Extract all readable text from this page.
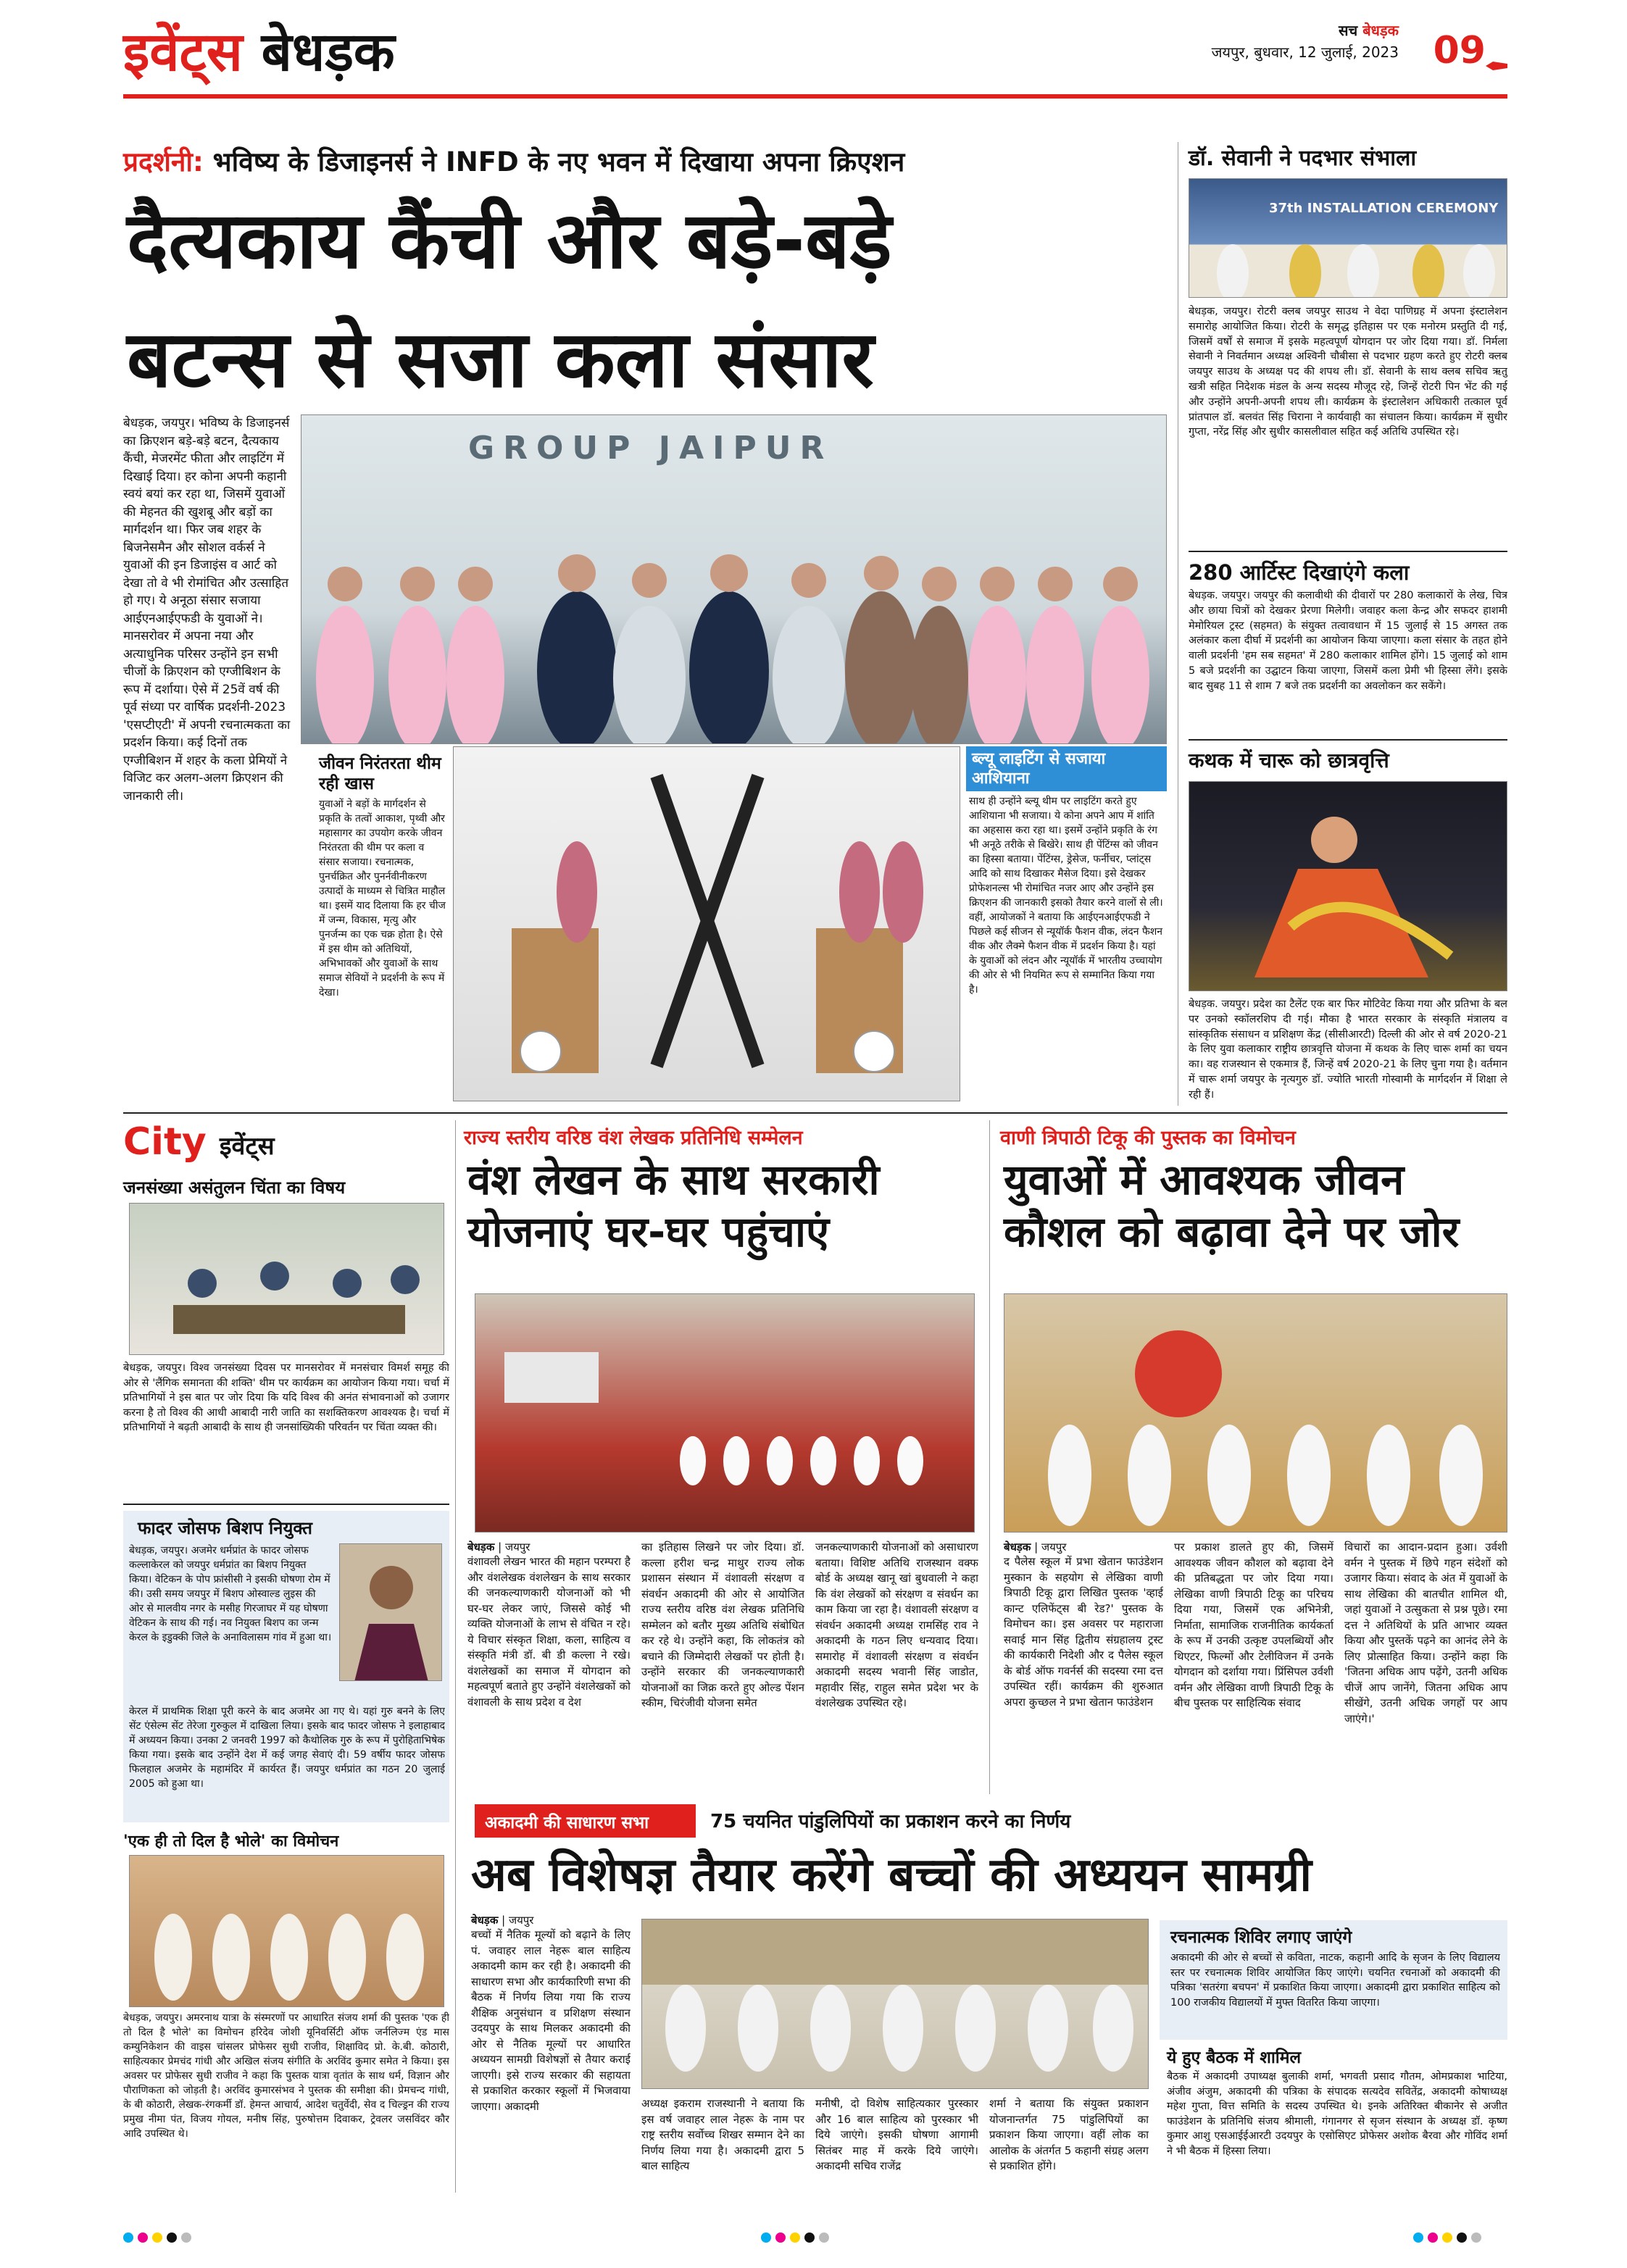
इवेंट्स बेधड़क	सच बेधड़क
जयपुर, बुधवार, 12 जुलाई, 2023 09
प्रदर्शनी: भविष्य के डिजाइनर्स ने INFD के नए भवन में दिखाया अपना क्रिएशन
दैत्यकाय कैंची और बड़े-बड़े
बटन्स से सजा कला संसार
बेधड़क, जयपुर। भविष्य के डिजाइनर्स का क्रिएशन बड़े-बड़े बटन, दैत्यकाय कैंची, मेजरमेंट फीता और लाइटिंग में दिखाई दिया। हर कोना अपनी कहानी स्वयं बयां कर रहा था, जिसमें युवाओं की मेहनत की खुशबू और बड़ों का मार्गदर्शन था। फिर जब शहर के बिजनेसमैन और सोशल वर्कर्स ने युवाओं की इन डिजाइंस व आर्ट को देखा तो वे भी रोमांचित और उत्साहित हो गए। ये अनूठा संसार सजाया आईएनआईएफडी के युवाओं ने। मानसरोवर में अपना नया और अत्याधुनिक परिसर उन्होंने इन सभी चीजों के क्रिएशन को एग्जीबिशन के रूप में दर्शाया। ऐसे में 25वें वर्ष की पूर्व संध्या पर वार्षिक प्रदर्शनी-2023 'एसप्टीएटी' में अपनी रचनात्मकता का प्रदर्शन किया। कई दिनों तक एग्जीबिशन में शहर के कला प्रेमियों ने विजिट कर अलग-अलग क्रिएशन की जानकारी ली।
GROUP JAIPUR
जीवन निरंतरता थीम रही खास
युवाओं ने बड़ों के मार्गदर्शन से प्रकृति के तत्वों आकाश, पृथ्वी और महासागर का उपयोग करके जीवन निरंतरता की थीम पर कला व संसार सजाया। रचनात्मक, पुनर्चक्रित और पुनर्नवीनीकरण उत्पादों के माध्यम से चित्रित माहौल था। इसमें याद दिलाया कि हर चीज में जन्म, विकास, मृत्यु और पुनर्जन्म का एक चक्र होता है। ऐसे में इस थीम को अतिथियों, अभिभावकों और युवाओं के साथ समाज सेवियों ने प्रदर्शनी के रूप में देखा।
ब्ल्यू लाइटिंग से सजाया आशियाना
साथ ही उन्होंने ब्ल्यू थीम पर लाइटिंग करते हुए आशियाना भी सजाया। ये कोना अपने आप में शांति का अहसास करा रहा था। इसमें उन्होंने प्रकृति के रंग भी अनूठे तरीके से बिखेरे। साथ ही पेंटिंग्स को जीवन का हिस्सा बताया। पेंटिंग्स, ड्रेसेज, फर्नीचर, प्लांट्स आदि को साथ दिखाकर मैसेज दिया। इसे देखकर प्रोफेशनल्स भी रोमांचित नजर आए और उन्होंने इस क्रिएशन की जानकारी इसको तैयार करने वालों से ली। वहीं, आयोजकों ने बताया कि आईएनआईएफडी ने पिछले कई सीजन से न्यूयॉर्क फैशन वीक, लंदन फैशन वीक और लैक्मे फैशन वीक में प्रदर्शन किया है। यहां के युवाओं को लंदन और न्यूयॉर्क में भारतीय उच्चायोग की ओर से भी नियमित रूप से सम्मानित किया गया है।
डॉ. सेवानी ने पदभार संभाला
37th INSTALLATION CEREMONY
बेधड़क, जयपुर। रोटरी क्लब जयपुर साउथ ने वेदा पाणिग्रह में अपना इंस्टालेशन समारोह आयोजित किया। रोटरी के समृद्ध इतिहास पर एक मनोरम प्रस्तुति दी गई, जिसमें वर्षों से समाज में इसके महत्वपूर्ण योगदान पर जोर दिया गया। डॉ. निर्मला सेवानी ने निवर्तमान अध्यक्ष अश्विनी चौबीसा से पदभार ग्रहण करते हुए रोटरी क्लब जयपुर साउथ के अध्यक्ष पद की शपथ ली। डॉ. सेवानी के साथ क्लब सचिव ऋतु खत्री सहित निदेशक मंडल के अन्य सदस्य मौजूद रहे, जिन्हें रोटरी पिन भेंट की गई और उन्होंने अपनी-अपनी शपथ ली। कार्यक्रम के इंस्टालेशन अधिकारी तत्काल पूर्व प्रांतपाल डॉ. बलवंत सिंह चिराना ने कार्यवाही का संचालन किया। कार्यक्रम में सुधीर गुप्ता, नरेंद्र सिंह और सुधीर कासलीवाल सहित कई अतिथि उपस्थित रहे।
280 आर्टिस्ट दिखाएंगे कला
बेधड़क. जयपुर। जयपुर की कलावीथी की दीवारों पर 280 कलाकारों के लेख, चित्र और छाया चित्रों को देखकर प्रेरणा मिलेगी। जवाहर कला केन्द्र और सफदर हाशमी मेमोरियल ट्रस्ट (सहमत) के संयुक्त तत्वावधान में 15 जुलाई से 15 अगस्त तक अलंकार कला दीर्घा में प्रदर्शनी का आयोजन किया जाएगा। कला संसार के तहत होने वाली प्रदर्शनी 'हम सब सहमत' में 280 कलाकार शामिल होंगे। 15 जुलाई को शाम 5 बजे प्रदर्शनी का उद्घाटन किया जाएगा, जिसमें कला प्रेमी भी हिस्सा लेंगे। इसके बाद सुबह 11 से शाम 7 बजे तक प्रदर्शनी का अवलोकन कर सकेंगे।
कथक में चारू को छात्रवृत्ति
बेधड़क. जयपुर। प्रदेश का टैलेंट एक बार फिर मोटिवेट किया गया और प्रतिभा के बल पर उनको स्कॉलरशिप दी गई। मौका है भारत सरकार के संस्कृति मंत्रालय व सांस्कृतिक संसाधन व प्रशिक्षण केंद्र (सीसीआरटी) दिल्ली की ओर से वर्ष 2020-21 के लिए युवा कलाकार राष्ट्रीय छात्रवृत्ति योजना में कथक के लिए चारू शर्मा का चयन का। वह राजस्थान से एकमात्र हैं, जिन्हें वर्ष 2020-21 के लिए चुना गया है। वर्तमान में चारू शर्मा जयपुर के नृत्यगुरु डॉ. ज्योति भारती गोस्वामी के मार्गदर्शन में शिक्षा ले रही हैं।
City इवेंट्स
जनसंख्या असंतुलन चिंता का विषय
बेधड़क, जयपुर। विश्व जनसंख्या दिवस पर मानसरोवर में मनसंचार विमर्श समूह की ओर से 'लैंगिक समानता की शक्ति' थीम पर कार्यक्रम का आयोजन किया गया। चर्चा में प्रतिभागियों ने इस बात पर जोर दिया कि यदि विश्व की अनंत संभावनाओं को उजागर करना है तो विश्व की आधी आबादी नारी जाति का सशक्तिकरण आवश्यक है। चर्चा में प्रतिभागियों ने बढ़ती आबादी के साथ ही जनसांख्यिकी परिवर्तन पर चिंता व्यक्त की।
फादर जोसफ बिशप नियुक्त
बेधड़क, जयपुर। अजमेर धर्मप्रांत के फादर जोसफ कल्लाकेरल को जयपुर धर्मप्रांत का बिशप नियुक्त किया। वेटिकन के पोप फ्रांसीसी ने इसकी घोषणा रोम में की। उसी समय जयपुर में बिशप ओस्वाल्ड लुइस की ओर से मालवीय नगर के मसीह गिरजाघर में यह घोषणा वेटिकन के साथ की गई। नव नियुक्त बिशप का जन्म केरल के इडुक्की जिले के अनाविलासम गांव में हुआ था।
केरल में प्राथमिक शिक्षा पूरी करने के बाद अजमेर आ गए थे। यहां गुरु बनने के लिए सेंट एंसेल्म सेंट तेरेजा गुरुकुल में दाखिला लिया। इसके बाद फादर जोसफ ने इलाहाबाद में अध्ययन किया। उनका 2 जनवरी 1997 को कैथोलिक गुरु के रूप में पुरोहिताभिषेक किया गया। इसके बाद उन्होंने देश में कई जगह सेवाएं दी। 59 वर्षीय फादर जोसफ फिलहाल अजमेर के महामंदिर में कार्यरत हैं। जयपुर धर्मप्रांत का गठन 20 जुलाई 2005 को हुआ था।
'एक ही तो दिल है भोले' का विमोचन
बेधड़क, जयपुर। अमरनाथ यात्रा के संस्मरणों पर आधारित संजय शर्मा की पुस्तक 'एक ही तो दिल है भोले' का विमोचन हरिदेव जोशी यूनिवर्सिटी ऑफ जर्नलिज्म एंड मास कम्युनिकेशन की वाइस चांसलर प्रोफेसर सुधी राजीव, शिक्षाविद प्रो. के.बी. कोठारी, साहित्यकार प्रेमचंद गांधी और अखिल संजय संगीति के अरविंद कुमार समेत ने किया। इस अवसर पर प्रोफेसर सुधी राजीव ने कहा कि पुस्तक यात्रा वृतांत के साथ धर्म, विज्ञान और पौराणिकता को जोड़ती है। अरविंद कुमारसंभव ने पुस्तक की समीक्षा की। प्रेमचन्द गांधी, के बी कोठारी, लेखक-रंगकर्मी डॉ. हेमन्त आचार्य, आदेश चतुर्वेदी, सेव द चिल्ड्रन की राज्य प्रमुख नीमा पंत, विजय गोयल, मनीष सिंह, पुरुषोत्तम दिवाकर, ट्रेवलर जसविंदर कौर आदि उपस्थित थे।
राज्य स्तरीय वरिष्ठ वंश लेखक प्रतिनिधि सम्मेलन
वंश लेखन के साथ सरकारी योजनाएं घर-घर पहुंचाएं
बेधड़क | जयपुर
वंशावली लेखन भारत की महान परम्परा है और वंशलेखक वंशलेखन के साथ सरकार की जनकल्याणकारी योजनाओं को भी घर-घर लेकर जाएं, जिससे कोई भी व्यक्ति योजनाओं के लाभ से वंचित न रहे। ये विचार संस्कृत शिक्षा, कला, साहित्य व संस्कृति मंत्री डॉ. बी डी कल्ला ने रखे। वंशलेखकों का समाज में योगदान को महत्वपूर्ण बताते हुए उन्होंने वंशलेखकों को वंशावली के साथ प्रदेश व देश
का इतिहास लिखने पर जोर दिया। डॉ. कल्ला हरीश चन्द्र माथुर राज्य लोक प्रशासन संस्थान में वंशावली संरक्षण व संवर्धन अकादमी की ओर से आयोजित राज्य स्तरीय वरिष्ठ वंश लेखक प्रतिनिधि सम्मेलन को बतौर मुख्य अतिथि संबोधित कर रहे थे। उन्होंने कहा, कि लोकतंत्र को बचाने की जिम्मेदारी लेखकों पर होती है। उन्होंने सरकार की जनकल्याणकारी योजनाओं का जिक्र करते हुए ओल्ड पेंशन स्कीम, चिरंजीवी योजना समेत
जनकल्याणकारी योजनाओं को असाधारण बताया। विशिष्ट अतिथि राजस्थान वक्फ बोर्ड के अध्यक्ष खानू खां बुधवाली ने कहा कि वंश लेखकों को संरक्षण व संवर्धन का काम किया जा रहा है। वंशावली संरक्षण व संवर्धन अकादमी अध्यक्ष रामसिंह राव ने अकादमी के गठन लिए धन्यवाद दिया। समारोह में वंशावली संरक्षण व संवर्धन अकादमी सदस्य भवानी सिंह जाडोत, महावीर सिंह, राहुल समेत प्रदेश भर के वंशलेखक उपस्थित रहे।
वाणी त्रिपाठी टिकू की पुस्तक का विमोचन
युवाओं में आवश्यक जीवन कौशल को बढ़ावा देने पर जोर
बेधड़क | जयपुर
द पैलेस स्कूल में प्रभा खेतान फाउंडेशन मुस्कान के सहयोग से लेखिका वाणी त्रिपाठी टिकू द्वारा लिखित पुस्तक 'व्हाई कान्ट एलिफेंट्स बी रेड?' पुस्तक के विमोचन का। इस अवसर पर महाराजा सवाई मान सिंह द्वितीय संग्रहालय ट्रस्ट की कार्यकारी निदेशी और द पैलेस स्कूल के बोर्ड ऑफ गवर्नर्स की सदस्या रमा दत्त उपस्थित रहीं। कार्यक्रम की शुरुआत अपरा कुच्छल ने प्रभा खेतान फाउंडेशन
पर प्रकाश डालते हुए की, जिसमें आवश्यक जीवन कौशल को बढ़ावा देने की प्रतिबद्धता पर जोर दिया गया। लेखिका वाणी त्रिपाठी टिकू का परिचय दिया गया, जिसमें एक अभिनेत्री, निर्माता, सामाजिक राजनीतिक कार्यकर्ता के रूप में उनकी उत्कृष्ट उपलब्धियों और थिएटर, फिल्मों और टेलीविजन में उनके योगदान को दर्शाया गया। प्रिंसिपल उर्वशी वर्मन और लेखिका वाणी त्रिपाठी टिकू के बीच पुस्तक पर साहित्यिक संवाद
विचारों का आदान-प्रदान हुआ। उर्वशी वर्मन ने पुस्तक में छिपे गहन संदेशों को उजागर किया। संवाद के अंत में युवाओं के साथ लेखिका की बातचीत शामिल थी, जहां युवाओं ने उत्सुकता से प्रश्न पूछे। रमा दत्त ने अतिथियों के प्रति आभार व्यक्त किया और पुस्तकें पढ़ने का आनंद लेने के लिए प्रोत्साहित किया। उन्होंने कहा कि 'जितना अधिक आप पढ़ेंगे, उतनी अधिक चीजें आप जानेंगे, जितना अधिक आप सीखेंगे, उतनी अधिक जगहों पर आप जाएंगे।'
अकादमी की साधारण सभा	75 चयनित पांडुलिपियों का प्रकाशन करने का निर्णय
अब विशेषज्ञ तैयार करेंगे बच्चों की अध्ययन सामग्री
बेधड़क | जयपुर
बच्चों में नैतिक मूल्यों को बढ़ाने के लिए पं. जवाहर लाल नेहरू बाल साहित्य अकादमी काम कर रही है। अकादमी की साधारण सभा और कार्यकारिणी सभा की बैठक में निर्णय लिया गया कि राज्य शैक्षिक अनुसंधान व प्रशिक्षण संस्थान उदयपुर के साथ मिलकर अकादमी की ओर से नैतिक मूल्यों पर आधारित अध्ययन सामग्री विशेषज्ञों से तैयार कराई जाएगी। इसे राज्य सरकार की सहायता से प्रकाशित करकार स्कूलों में भिजवाया जाएगा। अकादमी	अध्यक्ष इकराम राजस्थानी ने बताया कि इस वर्ष जवाहर लाल नेहरू के नाम पर राष्ट्र स्तरीय सर्वोच्च शिखर सम्मान देने का निर्णय लिया गया है। अकादमी द्वारा 5 बाल साहित्य
मनीषी, दो विशेष साहित्यकार पुरस्कार और 16 बाल साहित्य को पुरस्कार भी दिये जाएंगे। इसकी घोषणा आगामी सितंबर माह में करके दिये जाएंगे। अकादमी सचिव राजेंद्र
शर्मा ने बताया कि संयुक्त प्रकाशन योजनान्तर्गत 75 पांडुलिपियों का प्रकाशन किया जाएगा। वहीं लोक का आलोक के अंतर्गत 5 कहानी संग्रह अलग से प्रकाशित होंगे।
रचनात्मक शिविर लगाए जाएंगे
अकादमी की ओर से बच्चों से कविता, नाटक, कहानी आदि के सृजन के लिए विद्यालय स्तर पर रचनात्मक शिविर आयोजित किए जाएंगे। चयनित रचनाओं को अकादमी की पत्रिका 'सतरंगा बचपन' में प्रकाशित किया जाएगा। अकादमी द्वारा प्रकाशित साहित्य को 100 राजकीय विद्यालयों में मुफ्त वितरित किया जाएगा।
ये हुए बैठक में शामिल
बैठक में अकादमी उपाध्यक्ष बुलाकी शर्मा, भगवती प्रसाद गौतम, ओमप्रकाश भाटिया, अंजीव अंजुम, अकादमी की पत्रिका के संपादक सत्यदेव सवितेंद्र, अकादमी कोषाध्यक्ष महेश गुप्ता, वित्त समिति के सदस्य उपस्थित थे। इनके अतिरिक्त बीकानेर से अजीत फाउंडेशन के प्रतिनिधि संजय श्रीमाली, गंगानगर से सृजन संस्थान के अध्यक्ष डॉ. कृष्ण कुमार आशु एसआईईआरटी उदयपुर के एसोसिएट प्रोफेसर अशोक बैरवा और गोविंद शर्मा ने भी बैठक में हिस्सा लिया।
